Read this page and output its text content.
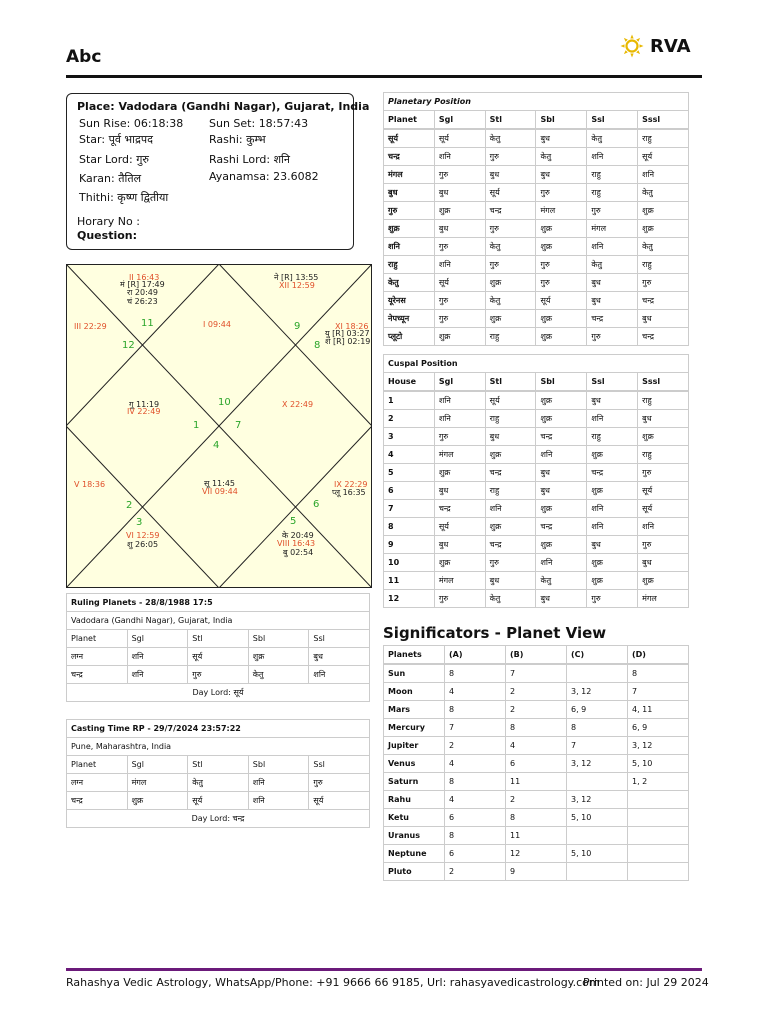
Abc
RVA
Place: Vadodara (Gandhi Nagar), Gujarat, India
Sun Rise: 06:18:38 Sun Set: 18:57:43
Star: पूर्व भाद्रपद	Rashi: कुम्भ
Star Lord: गुरु	Rashi Lord: शनि
Karan: तैतिल	Ayanamsa: 23.6082
Thithi: कृष्ण द्वितीया
Horary No :
Question:
1
2
3
4
5
6
7
8
9
10
11
12
II 16:43
मं [R] 17:49
रा 20:49
चं 26:23
ने [R] 13:55
XII 12:59
III 22:29	I 09:44	XI 18:26
यु [R] 03:27
शं [R] 02:19
गु 11:19
IV 22:49
X 22:49
V 18:36	सू 11:45
VII 09:44
IX 22:29
प्लू 16:35
VI 12:59
शु 26:05
के 20:49
VIII 16:43
बु 02:54
Ruling Planets - 28/8/1988 17:5				
Vadodara (Gandhi Nagar), Gujarat, India				
Planet	Sgl	Stl	Sbl	Ssl
लग्न	शनि	सूर्य	शुक्र	बुध
चन्द्र	शनि	गुरु	केतु	शनि
Day Lord: सूर्य				
Casting Time RP - 29/7/2024 23:57:22				
Pune, Maharashtra, India				
Planet	Sgl	Stl	Sbl	Ssl
लग्न	मंगल	केतु	शनि	गुरु
चन्द्र	शुक्र	सूर्य	शनि	सूर्य
Day Lord: चन्द्र				
Planetary Position
Planet	Sgl	Stl	Sbl	Ssl	Sssl
सूर्य	सूर्य	केतु	बुध	केतु	राहु
चन्द्र	शनि	गुरु	केतु	शनि	सूर्य
मंगल	गुरु	बुध	बुध	राहु	शनि
बुध	बुध	सूर्य	गुरु	राहु	केतु
गुरु	शुक्र	चन्द्र	मंगल	गुरु	शुक्र
शुक्र	बुध	गुरु	शुक्र	मंगल	शुक्र
शनि	गुरु	केतु	शुक्र	शनि	केतु
राहु	शनि	गुरु	गुरु	केतु	राहु
केतु	सूर्य	शुक्र	गुरु	बुध	गुरु
यूरेनस	गुरु	केतु	सूर्य	बुध	चन्द्र
नेपच्यून	गुरु	शुक्र	शुक्र	चन्द्र	बुध
प्लूटो	शुक्र	राहु	शुक्र	गुरु	चन्द्र
Cuspal Position
House	Sgl	Stl	Sbl	Ssl	Sssl
1	शनि	सूर्य	शुक्र	बुध	राहु
2	शनि	राहु	शुक्र	शनि	बुध
3	गुरु	बुध	चन्द्र	राहु	शुक्र
4	मंगल	शुक्र	शनि	शुक्र	राहु
5	शुक्र	चन्द्र	बुध	चन्द्र	गुरु
6	बुध	राहु	बुध	शुक्र	सूर्य
7	चन्द्र	शनि	शुक्र	शनि	सूर्य
8	सूर्य	शुक्र	चन्द्र	शनि	शनि
9	बुध	चन्द्र	शुक्र	बुध	गुरु
10	शुक्र	गुरु	शनि	शुक्र	बुध
11	मंगल	बुध	केतु	शुक्र	शुक्र
12	गुरु	केतु	बुध	गुरु	मंगल
Significators - Planet View
Planets	(A)	(B)	(C)	(D)
Sun	8	7		8
Moon	4	2	3, 12	7
Mars	8	2	6, 9	4, 11
Mercury	7	8	8	6, 9
Jupiter	2	4	7	3, 12
Venus	4	6	3, 12	5, 10
Saturn	8	11		1, 2
Rahu	4	2	3, 12	
Ketu	6	8	5, 10	
Uranus	8	11		
Neptune	6	12	5, 10	
Pluto	2	9		
Rahashya Vedic Astrology, WhatsApp/Phone: +91 9666 66 9185, Url: rahasyavedicastrology.com
Printed on: Jul 29 2024
